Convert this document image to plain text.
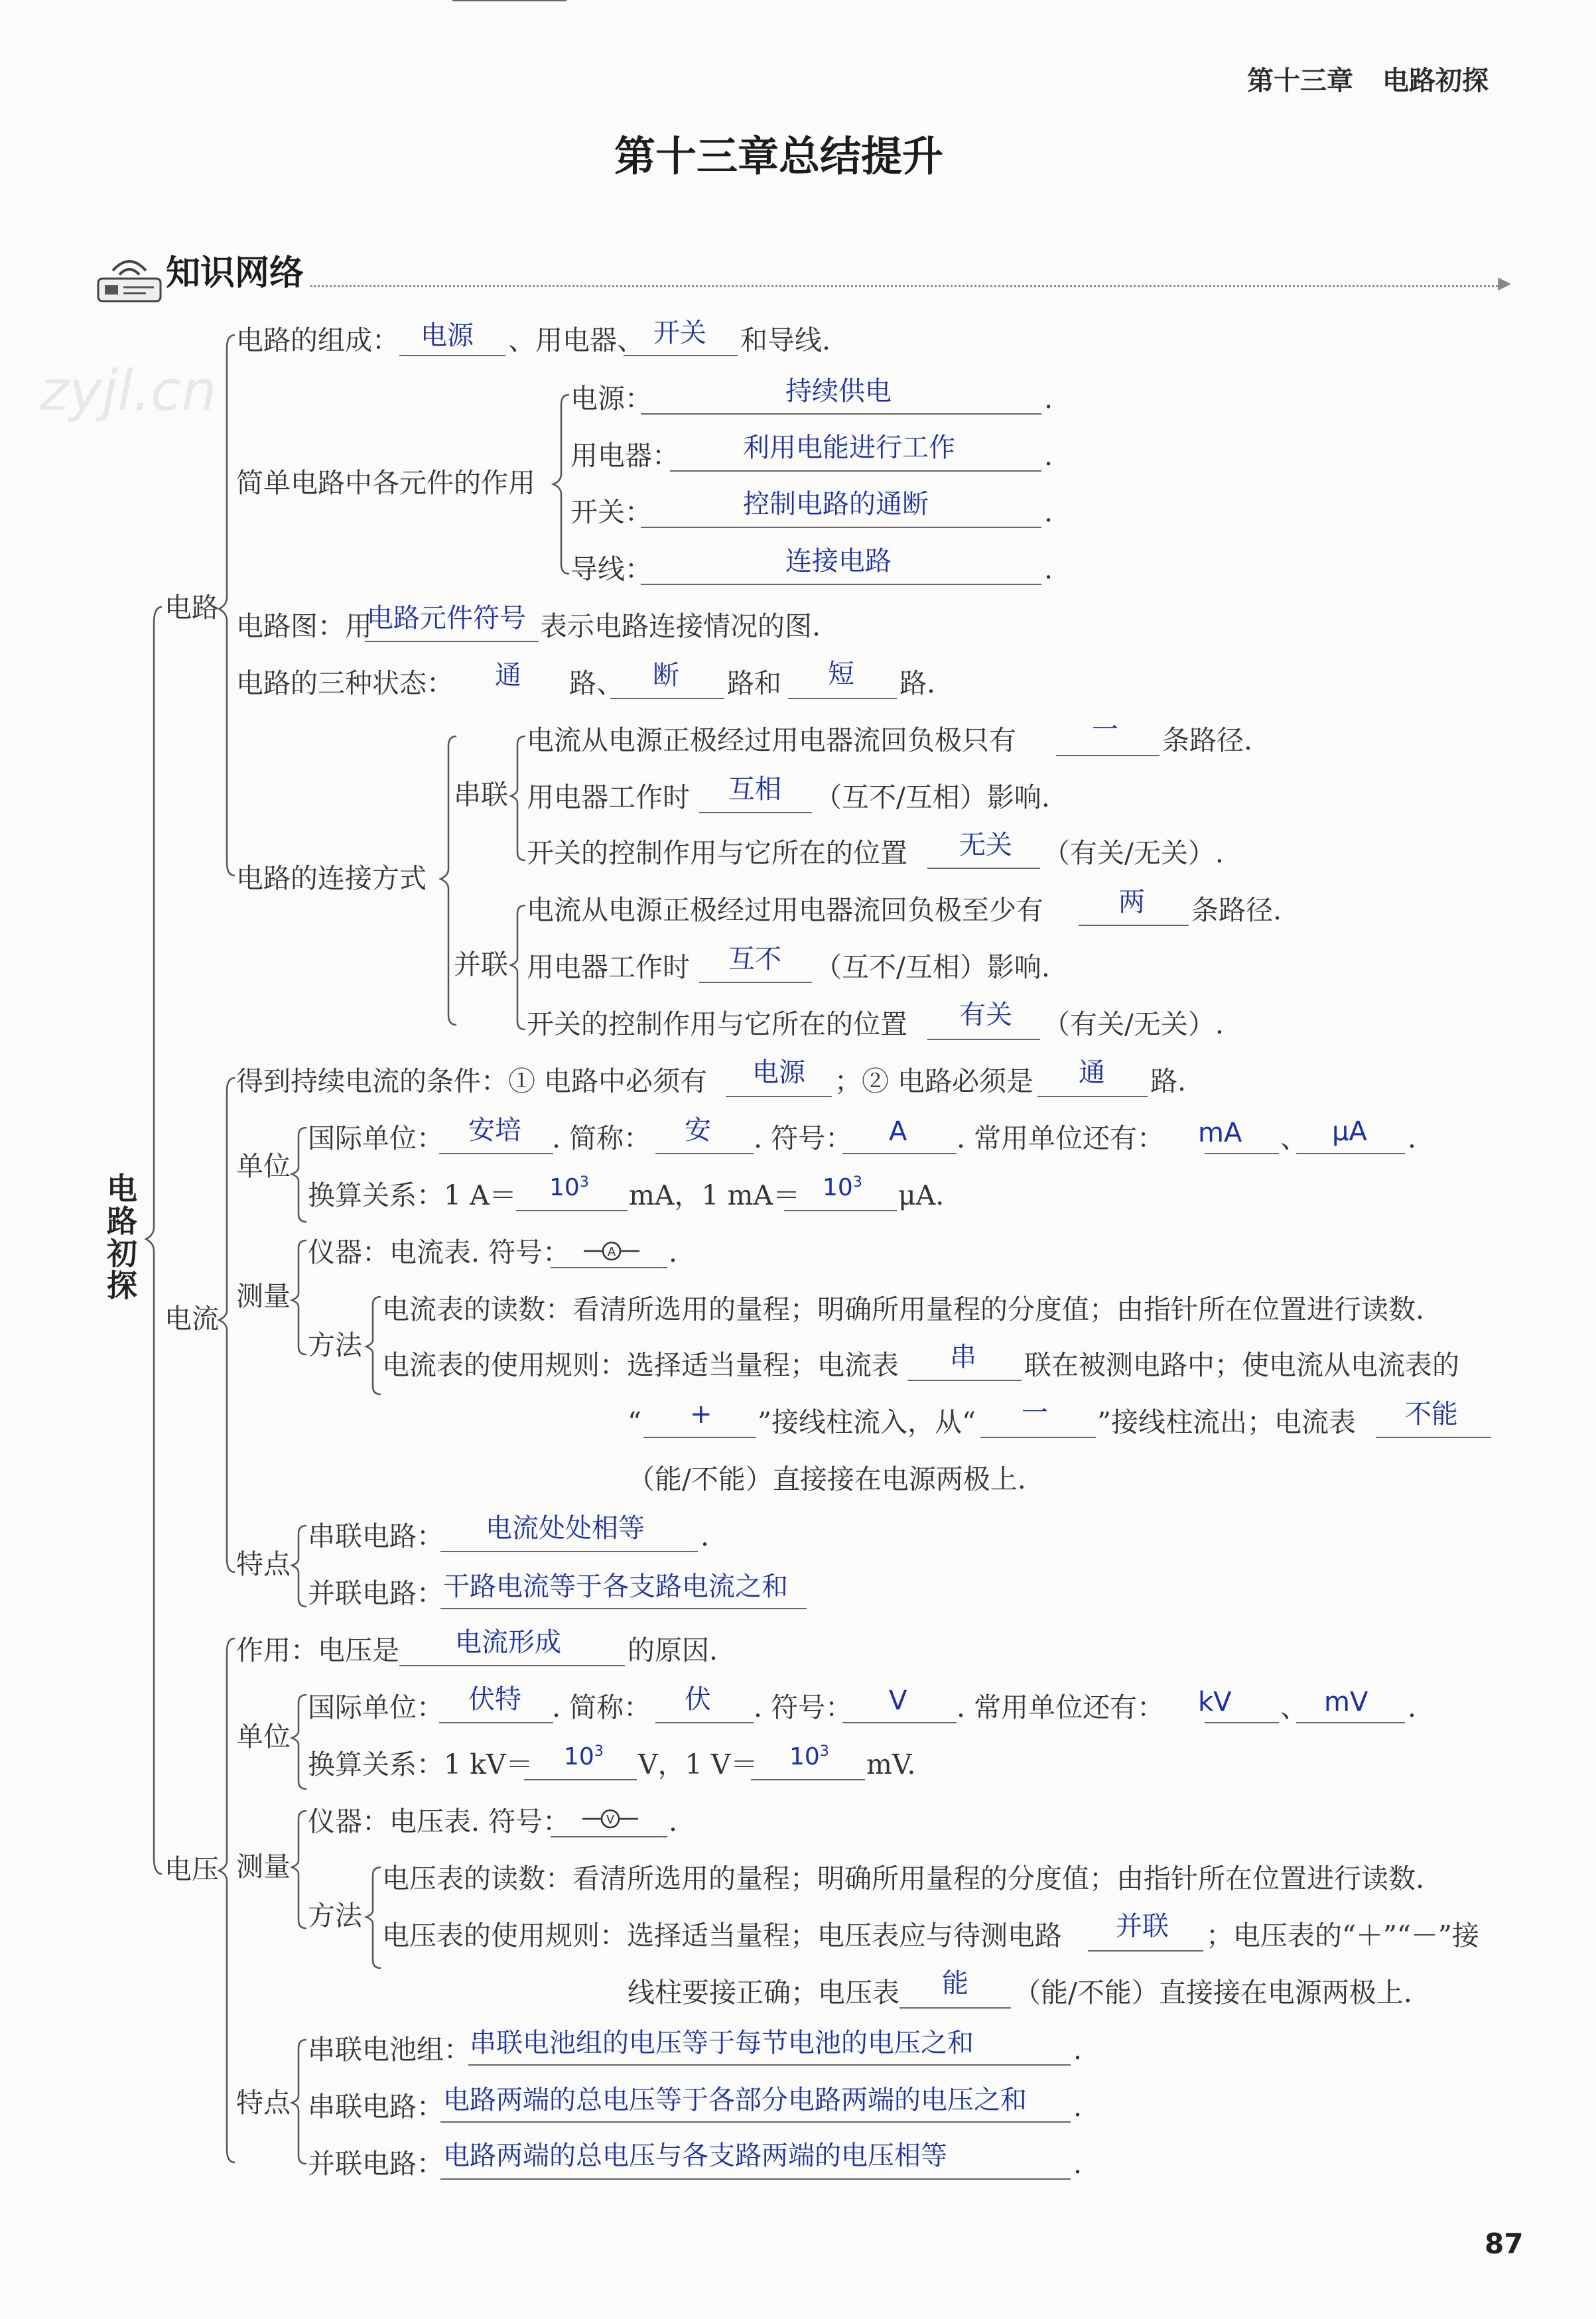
第十三章 电路初探
zyjl.cn
第十三章总结提升
知识网络	▶
电路初探
电路
简单电路中各元件的作用
电路的连接方式
串联
并联
电流
单位
测量
方法
特点
电压
单位
测量
方法
特点
电路的组成： 电源 、用电器、 开关 和导线.
电源：	持续供电	.
用电器： 利用电能进行工作	.
开关：	控制电路的通断	.
导线：	连接电路	.
电路图：用
电路元件符号 表示电路连接情况的图.
电路的三种状态： 通 路、 断 路和 短 路.
电流从电源正极经过用电器流回负极只有	一 条路径.
用电器工作时 互相 （互不/互相）影响.
开关的控制作用与它所在的位置 无关 （有关/无关）.
电流从电源正极经过用电器流回负极至少有	两 条路径.
用电器工作时 互不 （互不/互相）影响.
开关的控制作用与它所在的位置 有关 （有关/无关）.
得到持续电流的条件：① 电路中必须有 电源 ；② 电路必须是 通 路.
国际单位： 安培 . 简称： 安 . 符号： A . 常用单位还有： mA 、 μA .
换算关系：1 $A= 10^3$ mA，1 $mA= 10^3$ μA.
仪器：电流表. 符号：	A .
电流表的读数：看清所选用的量程；明确所用量程的分度值；由指针所在位置进行读数.
电流表的使用规则：选择适当量程；电流表 串 联在被测电路中；使电流从电流表的
“ + ”接线柱流入，从“ 一 ”接线柱流出；电流表 不能
（能/不能）直接接在电源两极上.
串联电路： 电流处处相等 .
并联电路： 干路电流等于各支路电流之和
作用：电压是 电流形成 的原因.
国际单位： 伏特 . 简称： 伏 . 符号： V . 常用单位还有： kV 、 mV .
换算关系：1 $kV= 10^3$ V，1 $V= 10^3$ mV.
仪器：电压表. 符号：	V .
电压表的读数：看清所选用的量程；明确所用量程的分度值；由指针所在位置进行读数.
电压表的使用规则：选择适当量程；电压表应与待测电路 并联 ；电压表的“＋”“－”接
线柱要接正确；电压表 能 （能/不能）直接接在电源两极上.
串联电池组：
串联电池组的电压等于每节电池的电压之和	.
串联电路： 电路两端的总电压等于各部分电路两端的电压之和 .
并联电路： 电路两端的总电压与各支路两端的电压相等	.
87
